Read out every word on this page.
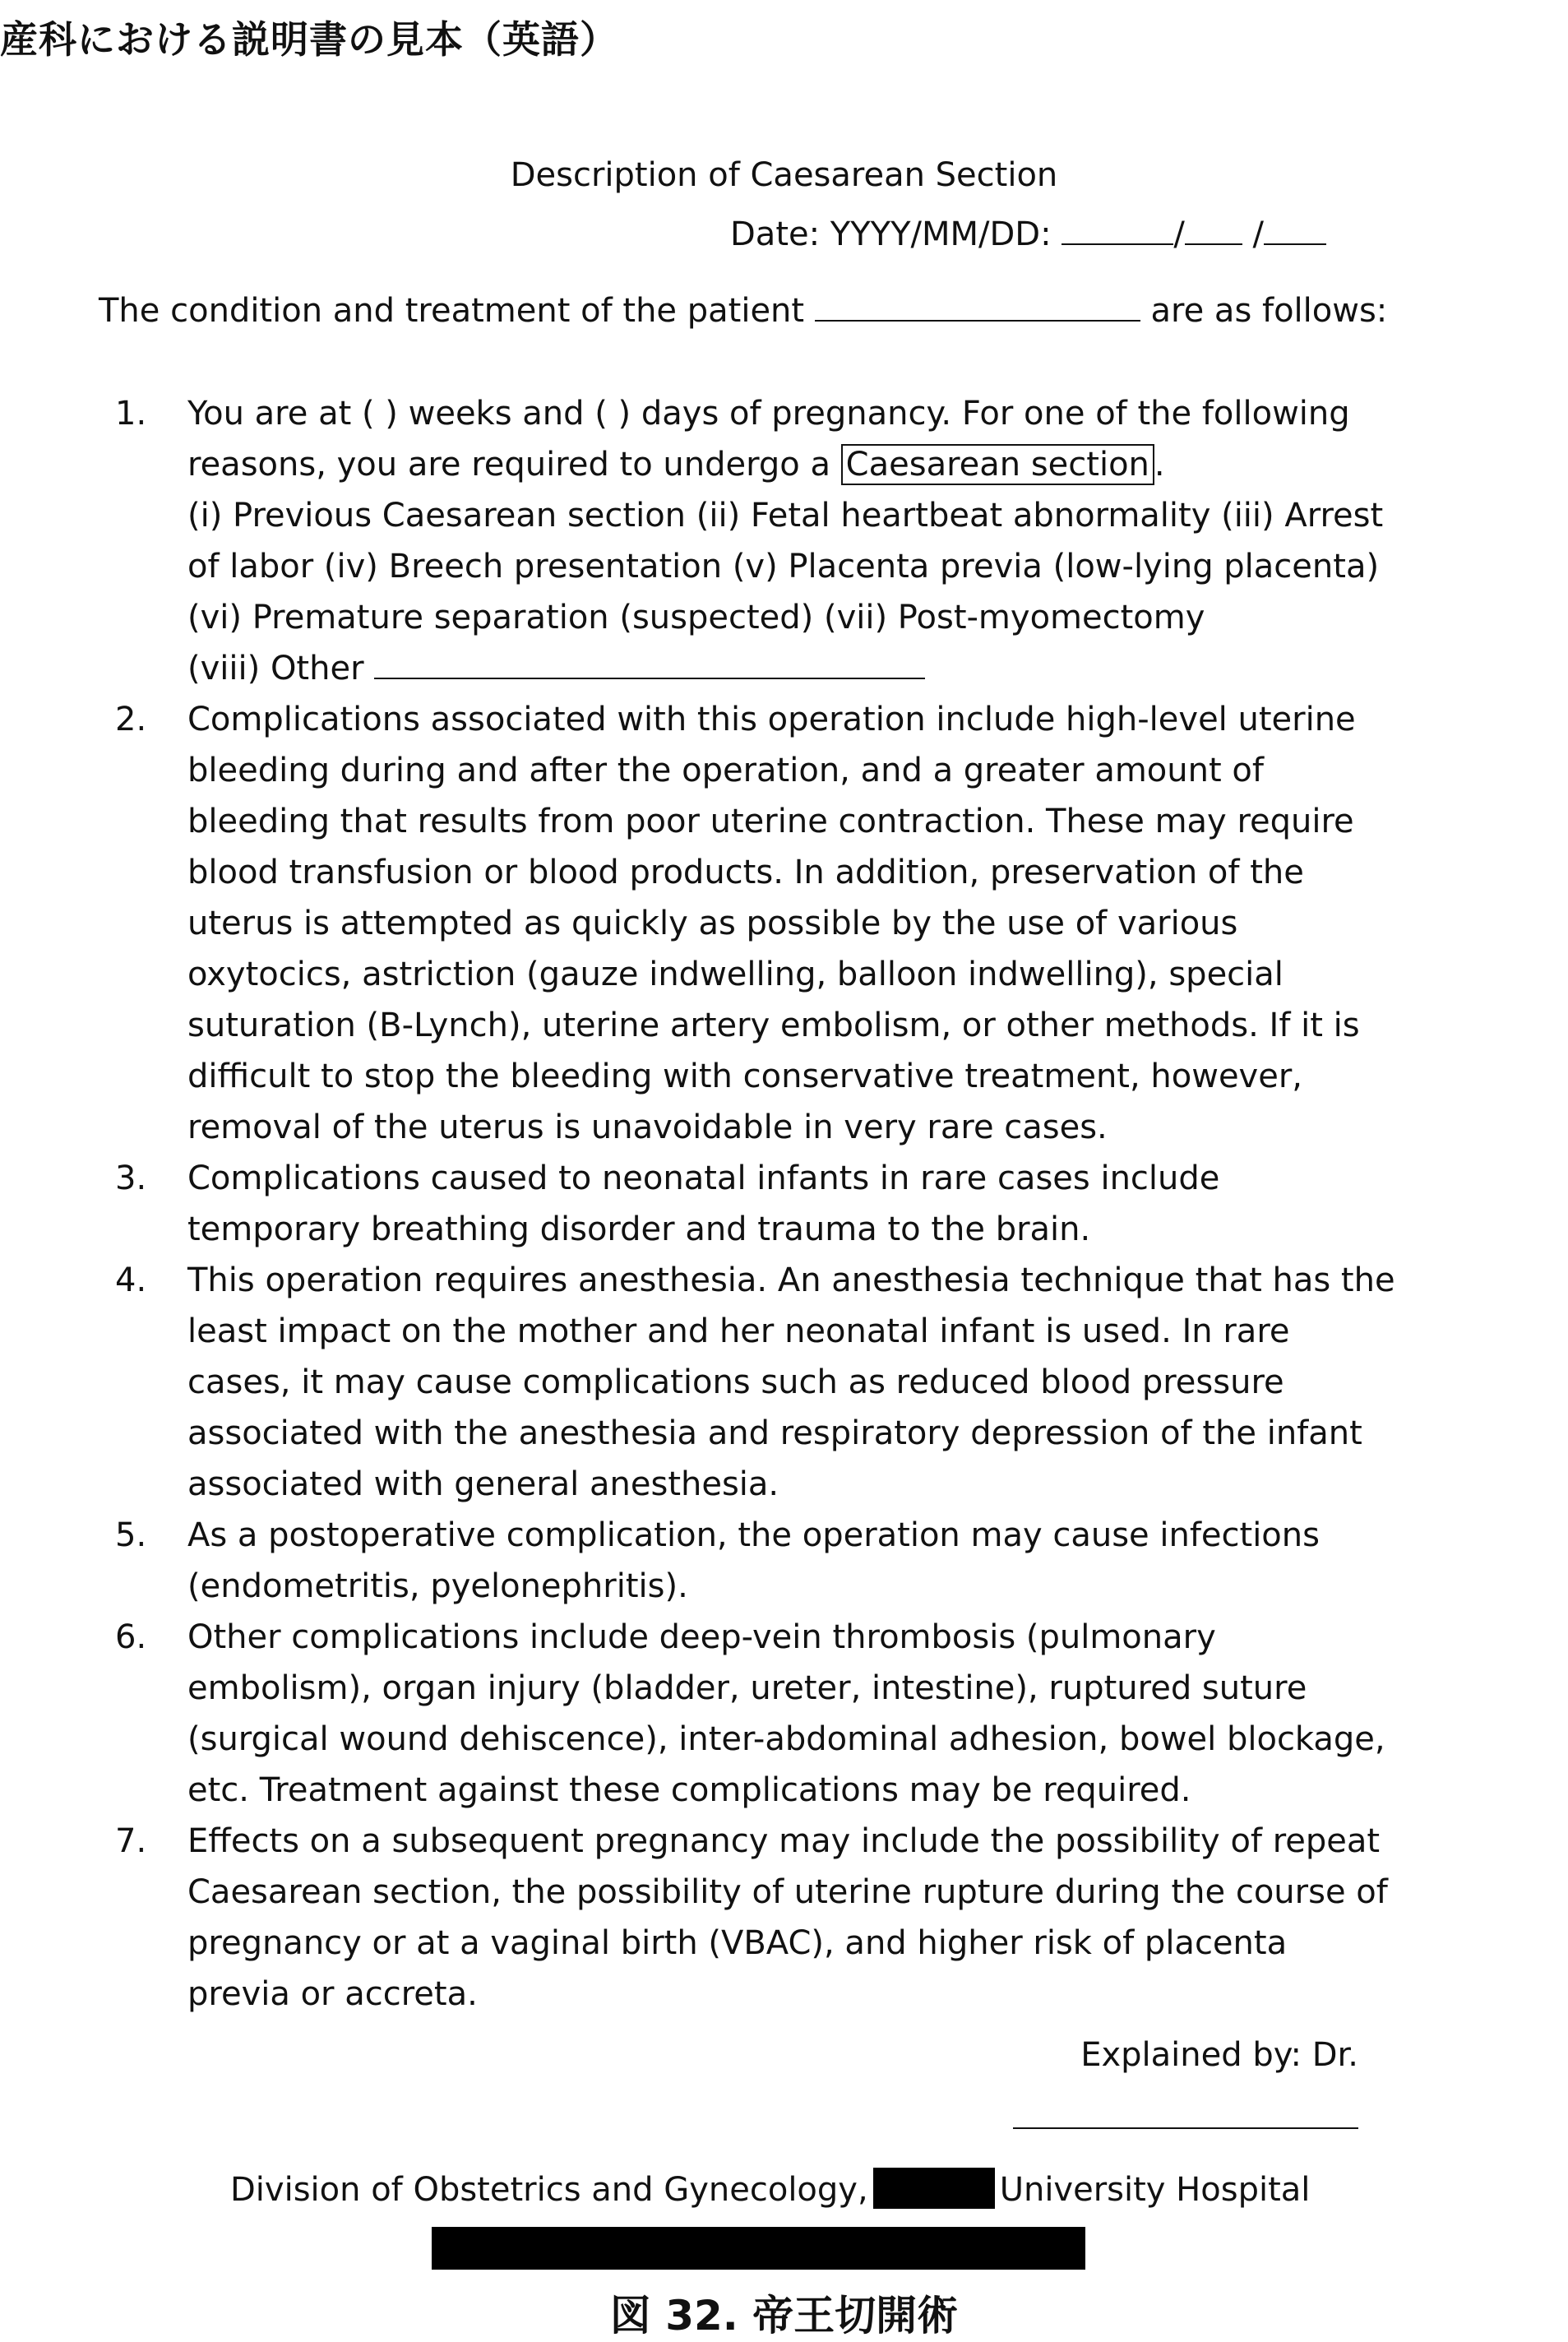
産科における説明書の見本（英語）
Description of Caesarean Section
Date: YYYY/MM/DD:	/ /
The condition and treatment of the patient	are as follows:
1. You are at ( ) weeks and ( ) days of pregnancy. For one of the following
reasons, you are required to undergo a Caesarean section .
(i) Previous Caesarean section (ii) Fetal heartbeat abnormality (iii) Arrest
of labor (iv) Breech presentation (v) Placenta previa (low-lying placenta)
(vi) Premature separation (suspected) (vii) Post-myomectomy
(viii) Other
2. Complications associated with this operation include high-level uterine bleeding during and after the operation, and a greater amount of bleeding that results from poor uterine contraction. These may require blood transfusion or blood products. In addition, preservation of the uterus is attempted as quickly as possible by the use of various oxytocics, astriction (gauze indwelling, balloon indwelling), special suturation (B-Lynch), uterine artery embolism, or other methods. If it is difficult to stop the bleeding with conservative treatment, however, removal of the uterus is unavoidable in very rare cases.
3. Complications caused to neonatal infants in rare cases include temporary breathing disorder and trauma to the brain.
4. This operation requires anesthesia. An anesthesia technique that has the least impact on the mother and her neonatal infant is used. In rare cases, it may cause complications such as reduced blood pressure associated with the anesthesia and respiratory depression of the infant associated with general anesthesia.
5. As a postoperative complication, the operation may cause infections (endometritis, pyelonephritis).
6. Other complications include deep-vein thrombosis (pulmonary embolism), organ injury (bladder, ureter, intestine), ruptured suture (surgical wound dehiscence), inter-abdominal adhesion, bowel blockage, etc. Treatment against these complications may be required.
7. Effects on a subsequent pregnancy may include the possibility of repeat Caesarean section, the possibility of uterine rupture during the course of pregnancy or at a vaginal birth (VBAC), and higher risk of placenta previa or accreta.
Explained by: Dr.
Division of Obstetrics and Gynecology,	University Hospital
図 32. 帝王切開術
